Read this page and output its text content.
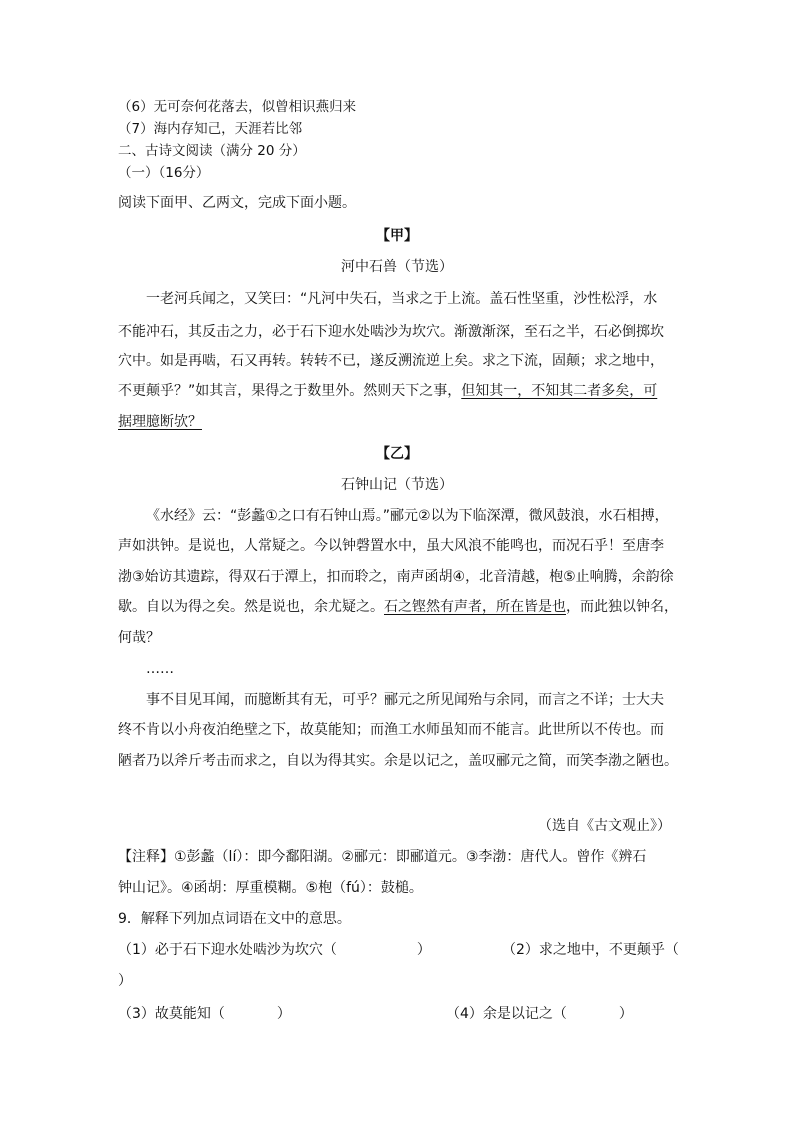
（6）无可奈何花落去，似曾相识燕归来
（7）海内存知己，天涯若比邻
二、古诗文阅读（满分 20 分）
（一）（16分）
阅读下面甲、乙两文，完成下面小题。
【甲】
河中石兽（节选）
一老河兵闻之，又笑曰：“凡河中失石，当求之于上流。盖石性坚重，沙性松浮，水
不能冲石，其反击之力，必于石下迎水处啮沙为坎穴。渐激渐深，至石之半，石必倒掷坎
穴中。如是再啮，石又再转。转转不已，遂反溯流逆上矣。求之下流，固颠；求之地中，
不更颠乎？”如其言，果得之于数里外。然则天下之事，但知其一，不知其二者多矣，可
据理臆断欤？
【乙】
石钟山记（节选）
《水经》云：“彭蠡①之口有石钟山焉。”郦元②以为下临深潭，微风鼓浪，水石相搏，
声如洪钟。是说也，人常疑之。今以钟磬置水中，虽大风浪不能鸣也，而况石乎！至唐李
渤③始访其遗踪，得双石于潭上，扣而聆之，南声函胡④，北音清越，枹⑤止响腾，余韵徐
歇。自以为得之矣。然是说也，余尤疑之。石之铿然有声者，所在皆是也，而此独以钟名，
何哉？
……
事不目见耳闻，而臆断其有无，可乎？郦元之所见闻殆与余同，而言之不详；士大夫
终不肯以小舟夜泊绝壁之下，故莫能知；而渔工水师虽知而不能言。此世所以不传也。而
陋者乃以斧斤考击而求之，自以为得其实。余是以记之，盖叹郦元之简，而笑李渤之陋也。
（选自《古文观止》）
【注释】①彭蠡（lí）：即今鄱阳湖。②郦元：即郦道元。③李渤：唐代人。曾作《辨石
钟山记》。④函胡：厚重模糊。⑤枹（fú）：鼓槌。
9．解释下列加点词语在文中的意思。
（1）必于石下迎水处啮沙为坎穴（	）	（2）求之地中，不更颠乎（
）
（3）故莫能知（	）	（4）余是以记之（	）
